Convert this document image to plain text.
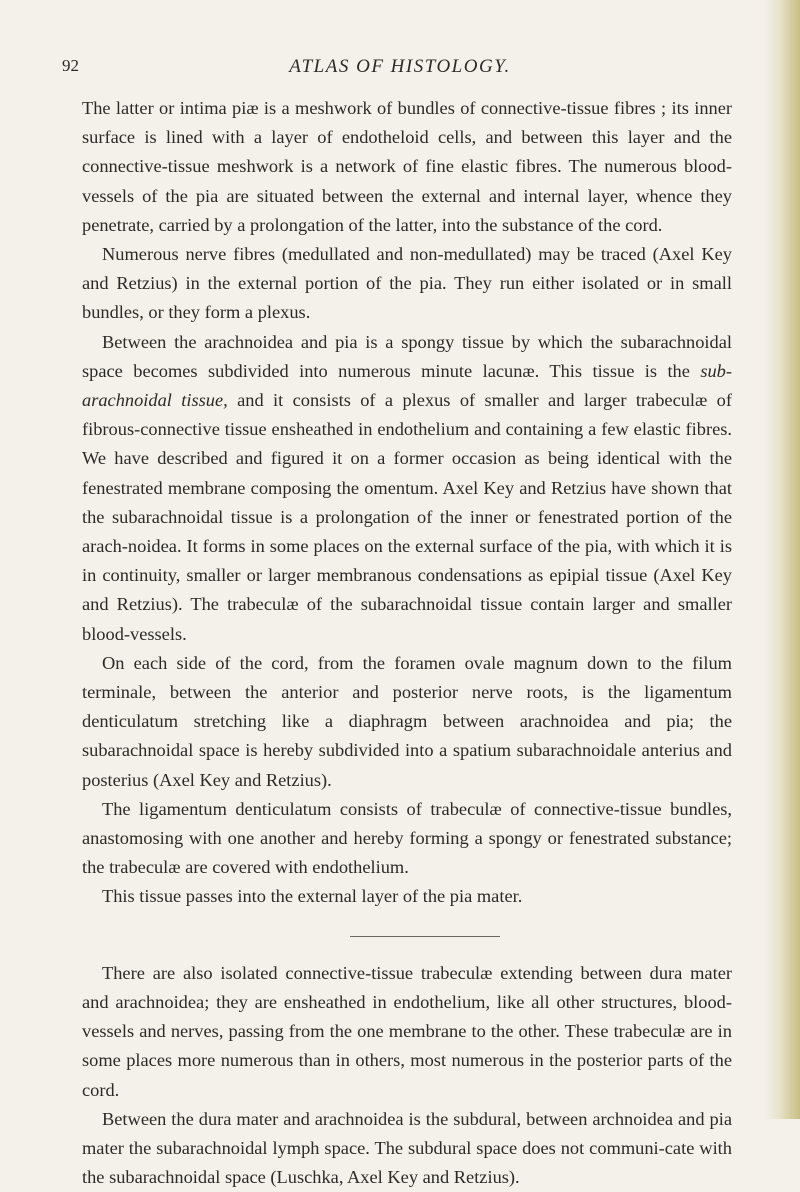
92	ATLAS OF HISTOLOGY.

The latter or intima piæ is a meshwork of bundles of connective-tissue fibres ; its inner surface is lined with a layer of endotheloid cells, and between this layer and the connective-tissue meshwork is a network of fine elastic fibres. The numerous blood-vessels of the pia are situated between the external and internal layer, whence they penetrate, carried by a prolongation of the latter, into the substance of the cord.

Numerous nerve fibres (medullated and non-medullated) may be traced (Axel Key and Retzius) in the external portion of the pia. They run either isolated or in small bundles, or they form a plexus.

Between the arachnoidea and pia is a spongy tissue by which the subarachnoidal space becomes subdivided into numerous minute lacunæ. This tissue is the sub-arachnoidal tissue, and it consists of a plexus of smaller and larger trabeculæ of fibrous-connective tissue ensheathed in endothelium and containing a few elastic fibres. We have described and figured it on a former occasion as being identical with the fenestrated membrane composing the omentum. Axel Key and Retzius have shown that the subarachnoidal tissue is a prolongation of the inner or fenestrated portion of the arach-noidea. It forms in some places on the external surface of the pia, with which it is in continuity, smaller or larger membranous condensations as epipial tissue (Axel Key and Retzius). The trabeculæ of the subarachnoidal tissue contain larger and smaller blood-vessels.

On each side of the cord, from the foramen ovale magnum down to the filum terminale, between the anterior and posterior nerve roots, is the ligamentum denticulatum stretching like a diaphragm between arachnoidea and pia; the subarachnoidal space is hereby subdivided into a spatium subarachnoidale anterius and posterius (Axel Key and Retzius).

The ligamentum denticulatum consists of trabeculæ of connective-tissue bundles, anastomosing with one another and hereby forming a spongy or fenestrated substance; the trabeculæ are covered with endothelium.

This tissue passes into the external layer of the pia mater.

There are also isolated connective-tissue trabeculæ extending between dura mater and arachnoidea; they are ensheathed in endothelium, like all other structures, blood-vessels and nerves, passing from the one membrane to the other. These trabeculæ are in some places more numerous than in others, most numerous in the posterior parts of the cord.

Between the dura mater and arachnoidea is the subdural, between archnoidea and pia mater the subarachnoidal lymph space. The subdural space does not communi-cate with the subarachnoidal space (Luschka, Axel Key and Retzius).
